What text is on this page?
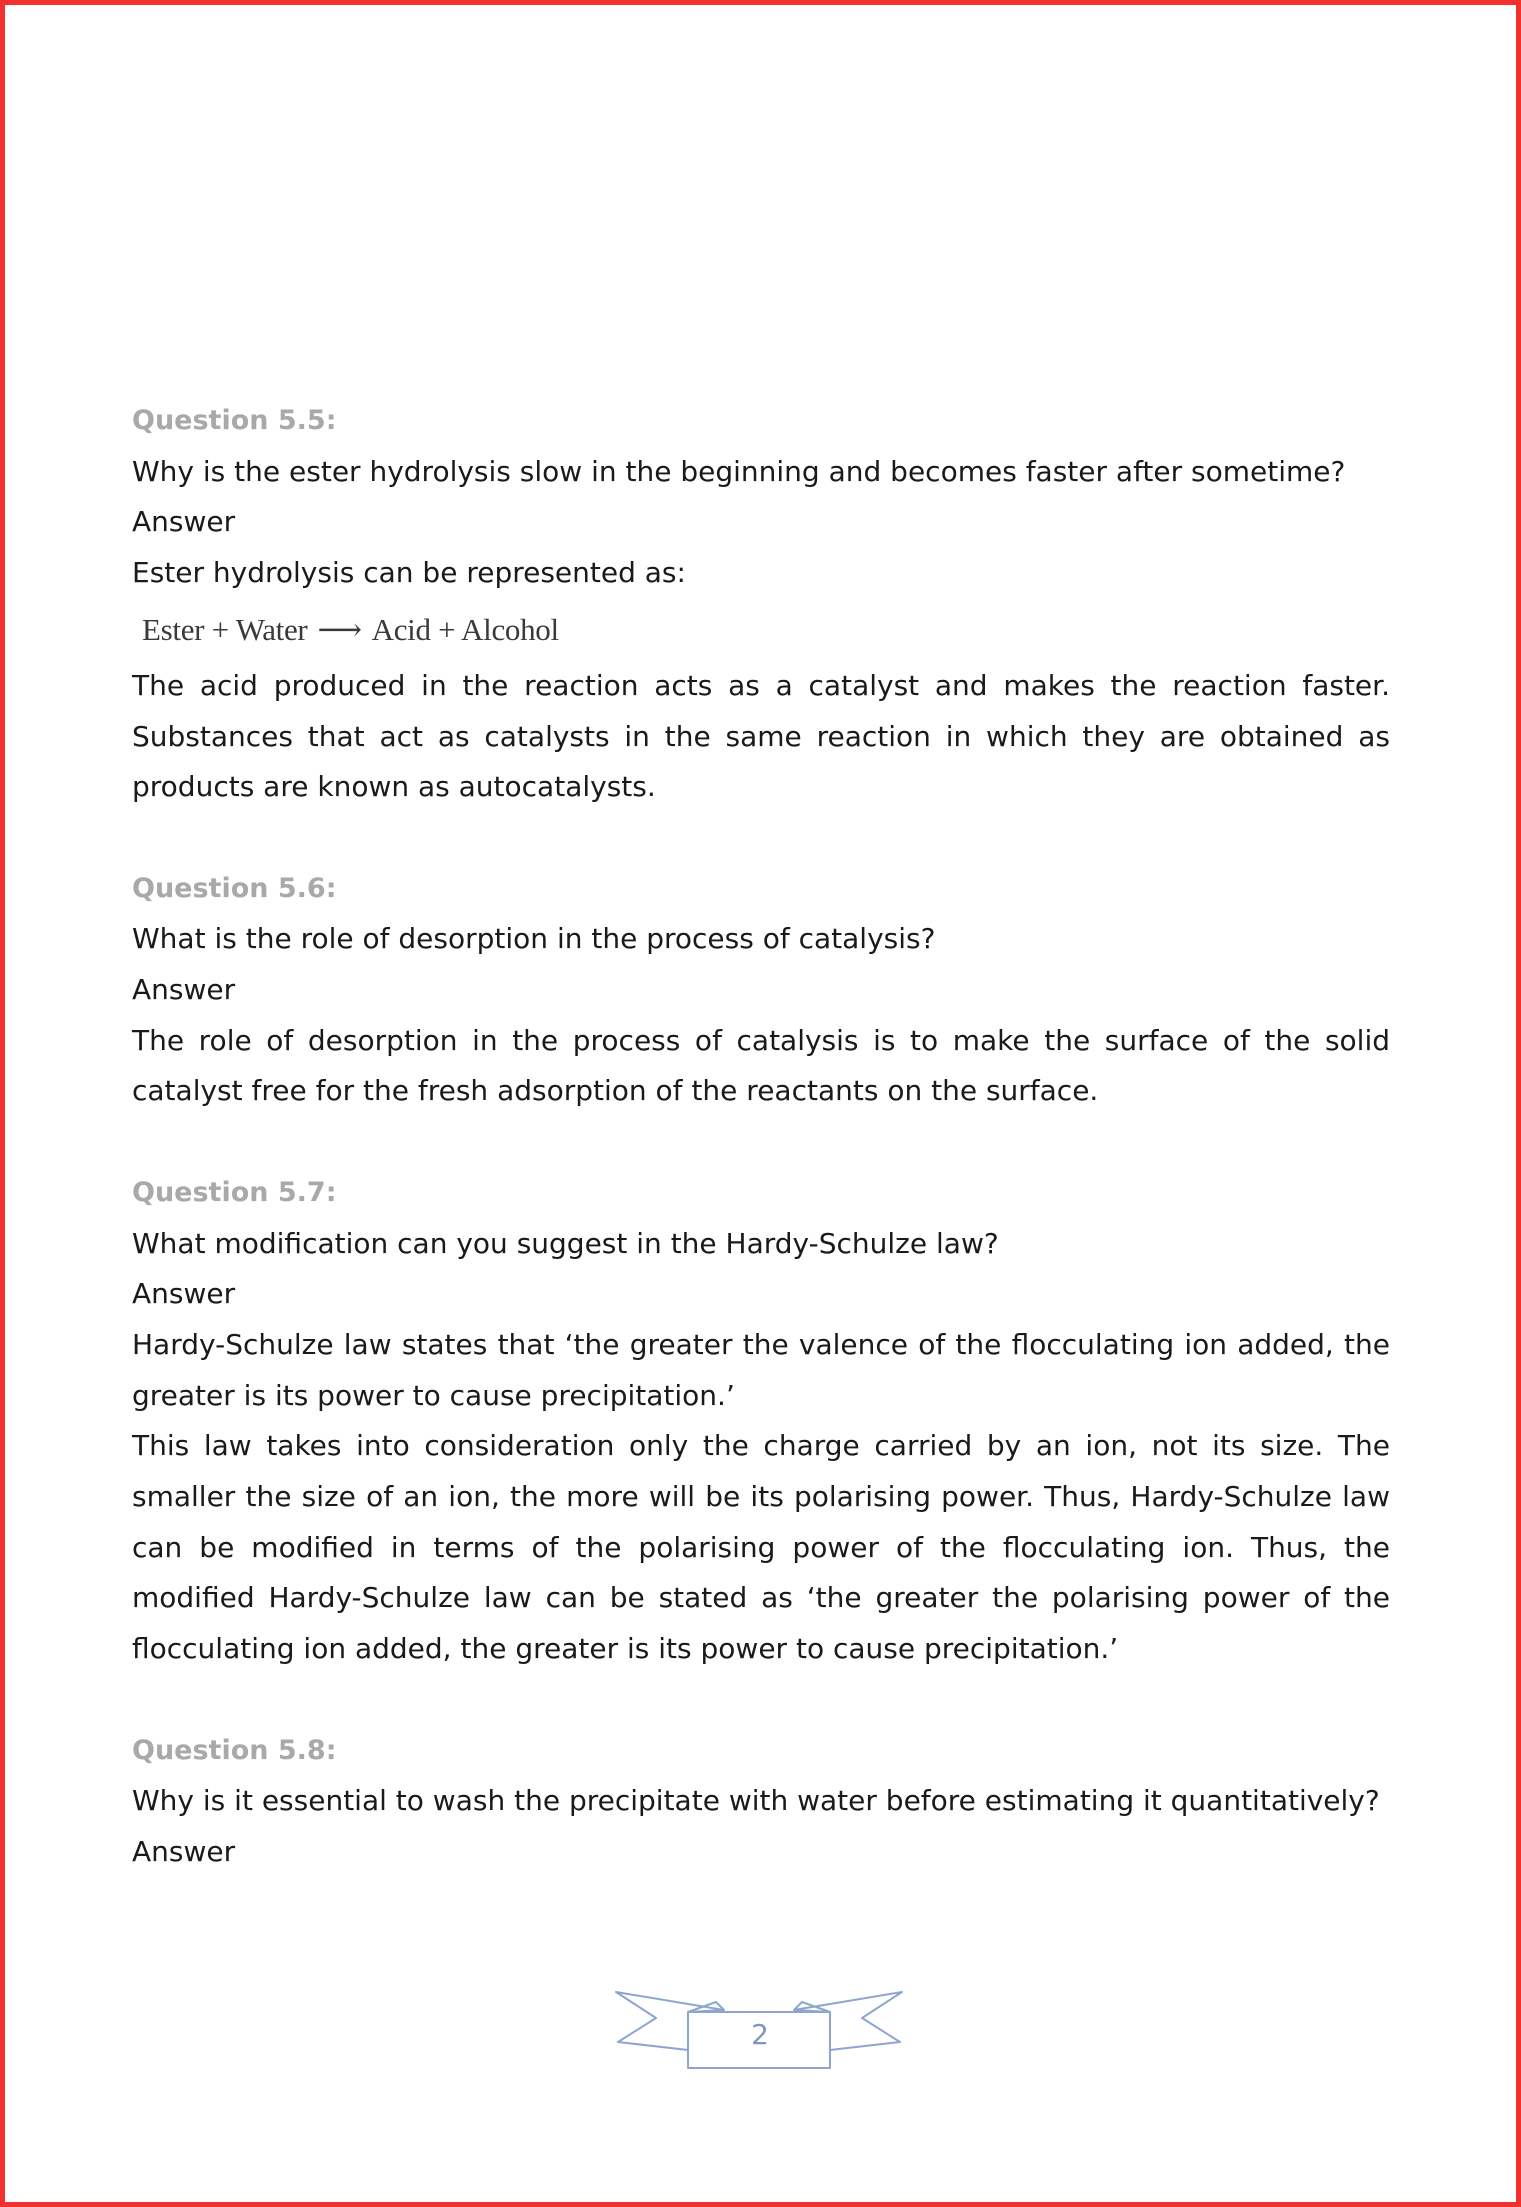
Question 5.5:

Why is the ester hydrolysis slow in the beginning and becomes faster after sometime?

Answer

Ester hydrolysis can be represented as:

Ester + Water ⟶ Acid + Alcohol

The acid produced in the reaction acts as a catalyst and makes the reaction faster. Substances that act as catalysts in the same reaction in which they are obtained as products are known as autocatalysts.

Question 5.6:

What is the role of desorption in the process of catalysis?

Answer

The role of desorption in the process of catalysis is to make the surface of the solid catalyst free for the fresh adsorption of the reactants on the surface.

Question 5.7:

What modification can you suggest in the Hardy-Schulze law?

Answer

Hardy-Schulze law states that ‘the greater the valence of the flocculating ion added, the greater is its power to cause precipitation.’

This law takes into consideration only the charge carried by an ion, not its size. The smaller the size of an ion, the more will be its polarising power. Thus, Hardy-Schulze law can be modified in terms of the polarising power of the flocculating ion. Thus, the modified Hardy-Schulze law can be stated as ‘the greater the polarising power of the flocculating ion added, the greater is its power to cause precipitation.’

Question 5.8:

Why is it essential to wash the precipitate with water before estimating it quantitatively?

Answer

2
